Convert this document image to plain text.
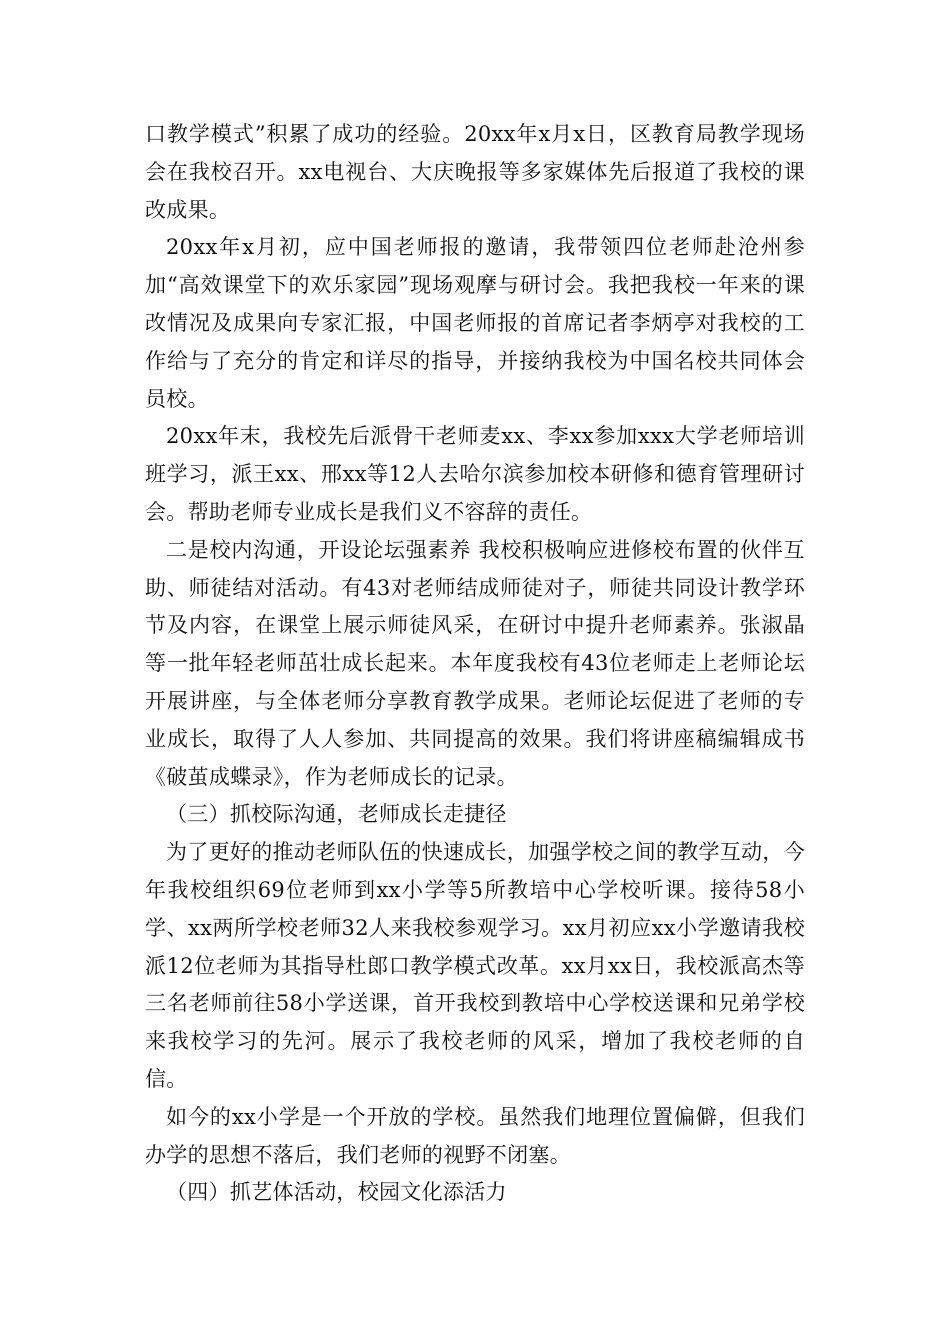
口教学模式”积累了成功的经验。20xx年x月x日，区教育局教学现场会在我校召开。xx电视台、大庆晚报等多家媒体先后报道了我校的课改成果。

20xx年x月初，应中国老师报的邀请，我带领四位老师赴沧州参加“高效课堂下的欢乐家园”现场观摩与研讨会。我把我校一年来的课改情况及成果向专家汇报，中国老师报的首席记者李炳亭对我校的工作给与了充分的肯定和详尽的指导，并接纳我校为中国名校共同体会员校。

20xx年末，我校先后派骨干老师麦xx、李xx参加xxx大学老师培训班学习，派王xx、邢xx等12人去哈尔滨参加校本研修和德育管理研讨会。帮助老师专业成长是我们义不容辞的责任。

二是校内沟通，开设论坛强素养 我校积极响应进修校布置的伙伴互助、师徒结对活动。有43对老师结成师徒对子，师徒共同设计教学环节及内容，在课堂上展示师徒风采，在研讨中提升老师素养。张淑晶等一批年轻老师茁壮成长起来。本年度我校有43位老师走上老师论坛开展讲座，与全体老师分享教育教学成果。老师论坛促进了老师的专业成长，取得了人人参加、共同提高的效果。我们将讲座稿编辑成书《破茧成蝶录》，作为老师成长的记录。

（三）抓校际沟通，老师成长走捷径

为了更好的推动老师队伍的快速成长，加强学校之间的教学互动，今年我校组织69位老师到xx小学等5所教培中心学校听课。接待58小学、xx两所学校老师32人来我校参观学习。xx月初应xx小学邀请我校派12位老师为其指导杜郎口教学模式改革。xx月xx日，我校派高杰等三名老师前往58小学送课，首开我校到教培中心学校送课和兄弟学校来我校学习的先河。展示了我校老师的风采，增加了我校老师的自信。

如今的xx小学是一个开放的学校。虽然我们地理位置偏僻，但我们办学的思想不落后，我们老师的视野不闭塞。

（四）抓艺体活动，校园文化添活力
